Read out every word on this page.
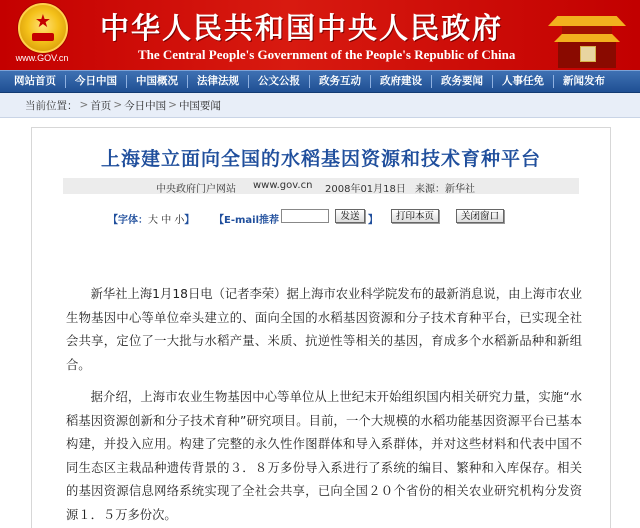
★
www.GOV.cn
中华人民共和国中央人民政府
The Central People's Government of the People's Republic of China
网站首页	今日中国	中国概况	法律法规	公文公报	政务互动	政府建设	政务要闻	人事任免	新闻发布
当前位置： > 首页 > 今日中国 > 中国要闻
上海建立面向全国的水稻基因资源和技术育种平台
中央政府门户网站 www.gov.cn 2008年01月18日 来源：新华社
【字体：大 中 小】 【E-mail推荐	发送 】	打印本页	关闭窗口

新华社上海1月18日电（记者李荣）据上海市农业科学院发布的最新消息说，由上海市农业生物基因中心等单位牵头建立的、面向全国的水稻基因资源和分子技术育种平台，已实现全社会共享，定位了一大批与水稻产量、米质、抗逆性等相关的基因，育成多个水稻新品种和新组合。

据介绍，上海市农业生物基因中心等单位从上世纪末开始组织国内相关研究力量，实施“水稻基因资源创新和分子技术育种”研究项目。目前，一个大规模的水稻功能基因资源平台已基本构建，并投入应用。构建了完整的永久性作图群体和导入系群体，并对这些材料和代表中国不同生态区主栽品种遗传背景的３．８万多份导入系进行了系统的编目、繁种和入库保存。相关的基因资源信息网络系统实现了全社会共享，已向全国２０个省份的相关农业研究机构分发资源１．５万多份次。
